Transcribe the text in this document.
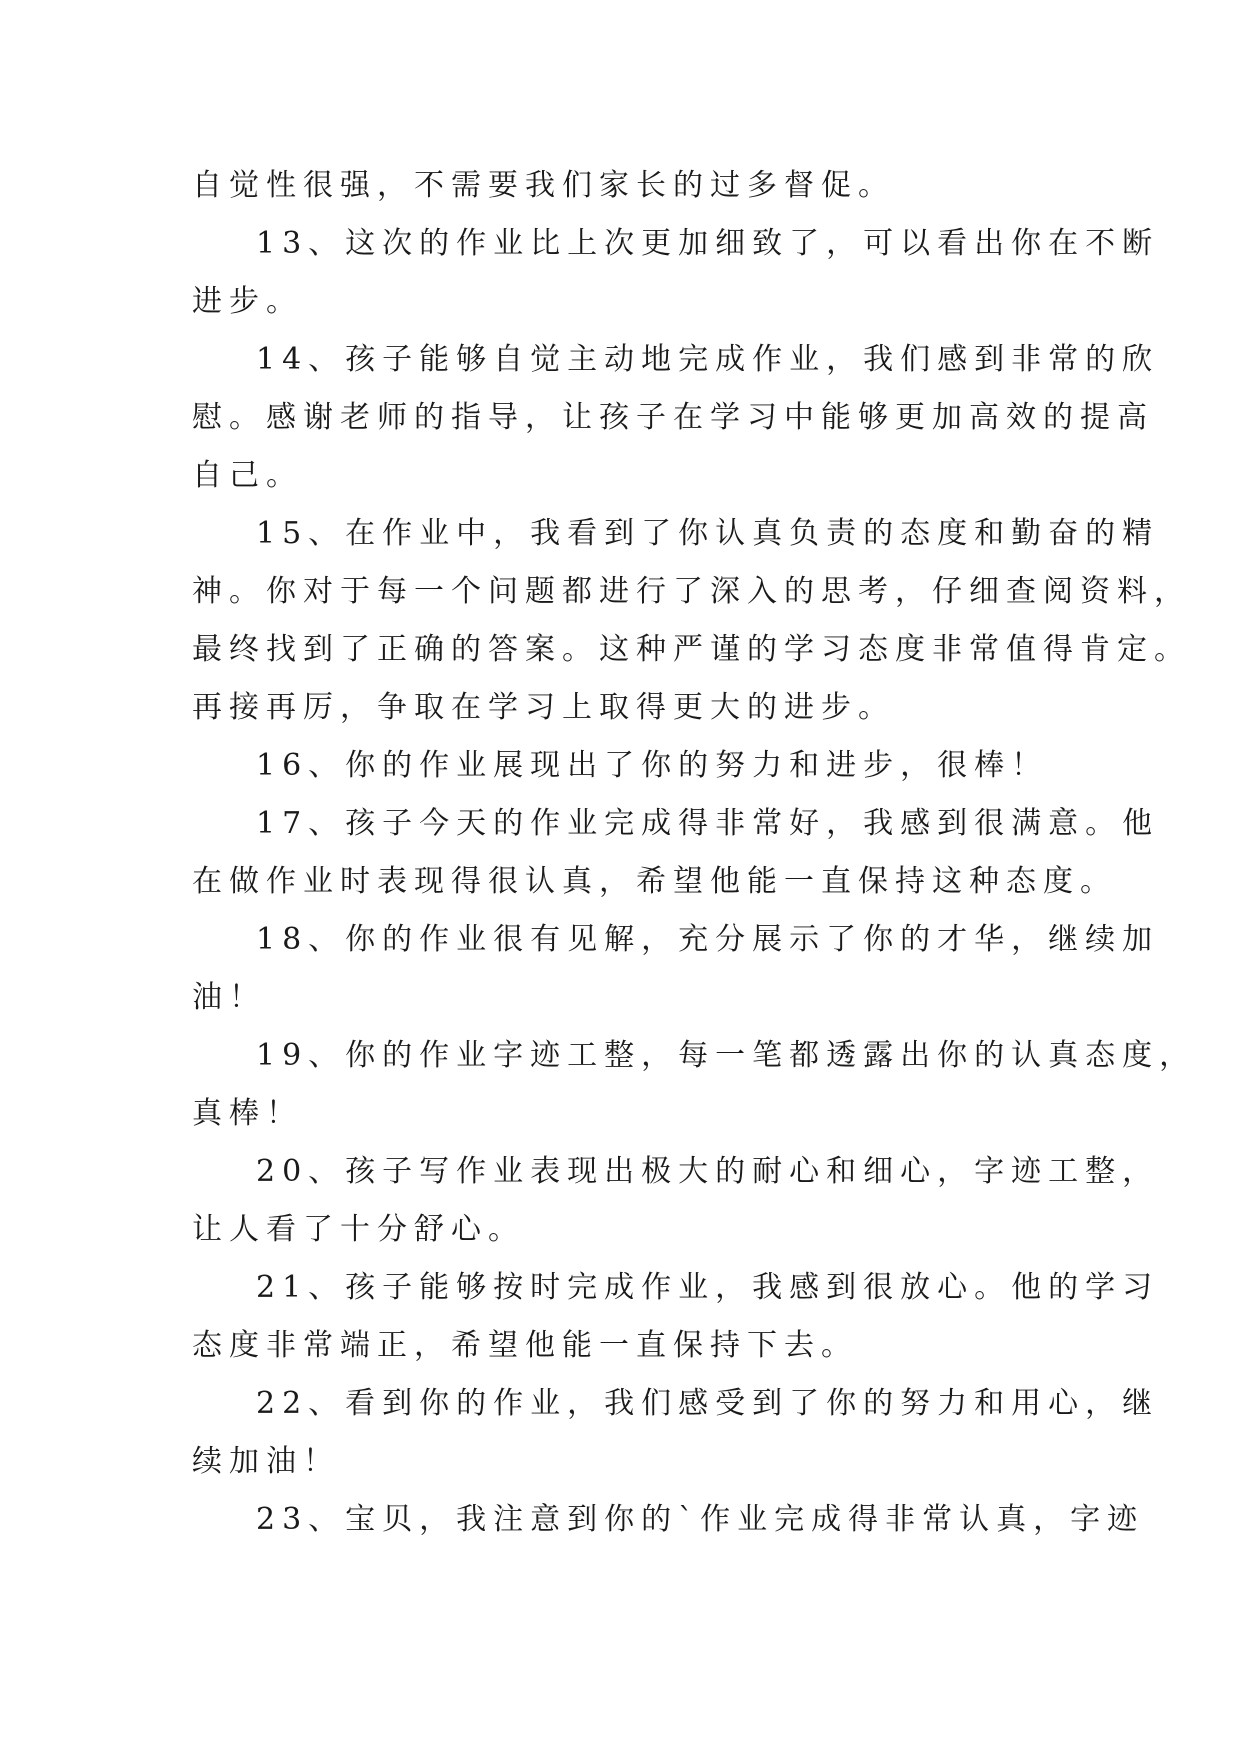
自觉性很强，不需要我们家长的过多督促。
13、这次的作业比上次更加细致了，可以看出你在不断
进步。
14、孩子能够自觉主动地完成作业，我们感到非常的欣
慰。感谢老师的指导，让孩子在学习中能够更加高效的提高
自己。
15、在作业中，我看到了你认真负责的态度和勤奋的精
神。你对于每一个问题都进行了深入的思考，仔细查阅资料，
最终找到了正确的答案。这种严谨的学习态度非常值得肯定。
再接再厉，争取在学习上取得更大的进步。
16、你的作业展现出了你的努力和进步，很棒！
17、孩子今天的作业完成得非常好，我感到很满意。他
在做作业时表现得很认真，希望他能一直保持这种态度。
18、你的作业很有见解，充分展示了你的才华，继续加
油！
19、你的作业字迹工整，每一笔都透露出你的认真态度，
真棒！
20、孩子写作业表现出极大的耐心和细心，字迹工整，
让人看了十分舒心。
21、孩子能够按时完成作业，我感到很放心。他的学习
态度非常端正，希望他能一直保持下去。
22、看到你的作业，我们感受到了你的努力和用心，继
续加油！
23、宝贝，我注意到你的`作业完成得非常认真，字迹
